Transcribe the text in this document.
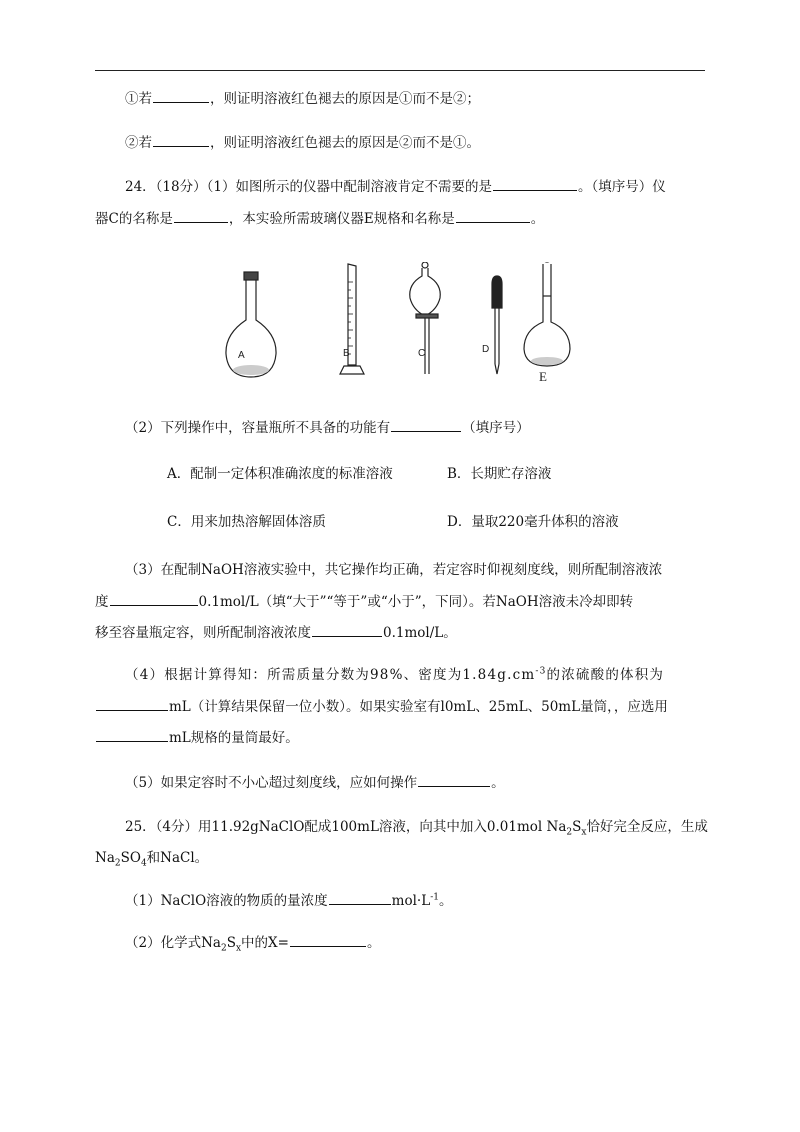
①若	，则证明溶液红色褪去的原因是①而不是②；
②若	，则证明溶液红色褪去的原因是②而不是①。
24．（18分）（1）如图所示的仪器中配制溶液肯定不需要的是	。（填序号）仪
器C的名称是	，本实验所需玻璃仪器E规格和名称是	。
A	B	C	D
E
（2）下列操作中，容量瓶所不具备的功能有	（填序号）
A．配制一定体积准确浓度的标准溶液	B．长期贮存溶液
C．用来加热溶解固体溶质	D．量取220毫升体积的溶液
（3）在配制NaOH溶液实验中，共它操作均正确，若定容时仰视刻度线，则所配制溶液浓
度	0.1mol/L（填“大于”“等于”或“小于”，下同）。若NaOH溶液未冷却即转
移至容量瓶定容，则所配制溶液浓度	0.1mol/L。
（4）根据计算得知：所需质量分数为98%、密度为$1.84g.cm^{-3}$的浓硫酸的体积为
mL（计算结果保留一位小数）。如果实验室有l0mL、25mL、50mL量筒，，应选用
mL规格的量筒最好。
（5）如果定容时不小心超过刻度线，应如何操作	。
25．（4分）用11.92gNaClO配成100mL溶液，向其中加入0.01mol $Na_2S_x$恰好完全反应，生成
$Na_2SO_4$和NaCl。
（1）NaClO溶液的物质的量浓度	$mol\cdot L^{-1}$。
（2）化学式$Na_2S_x$中的X=	。
